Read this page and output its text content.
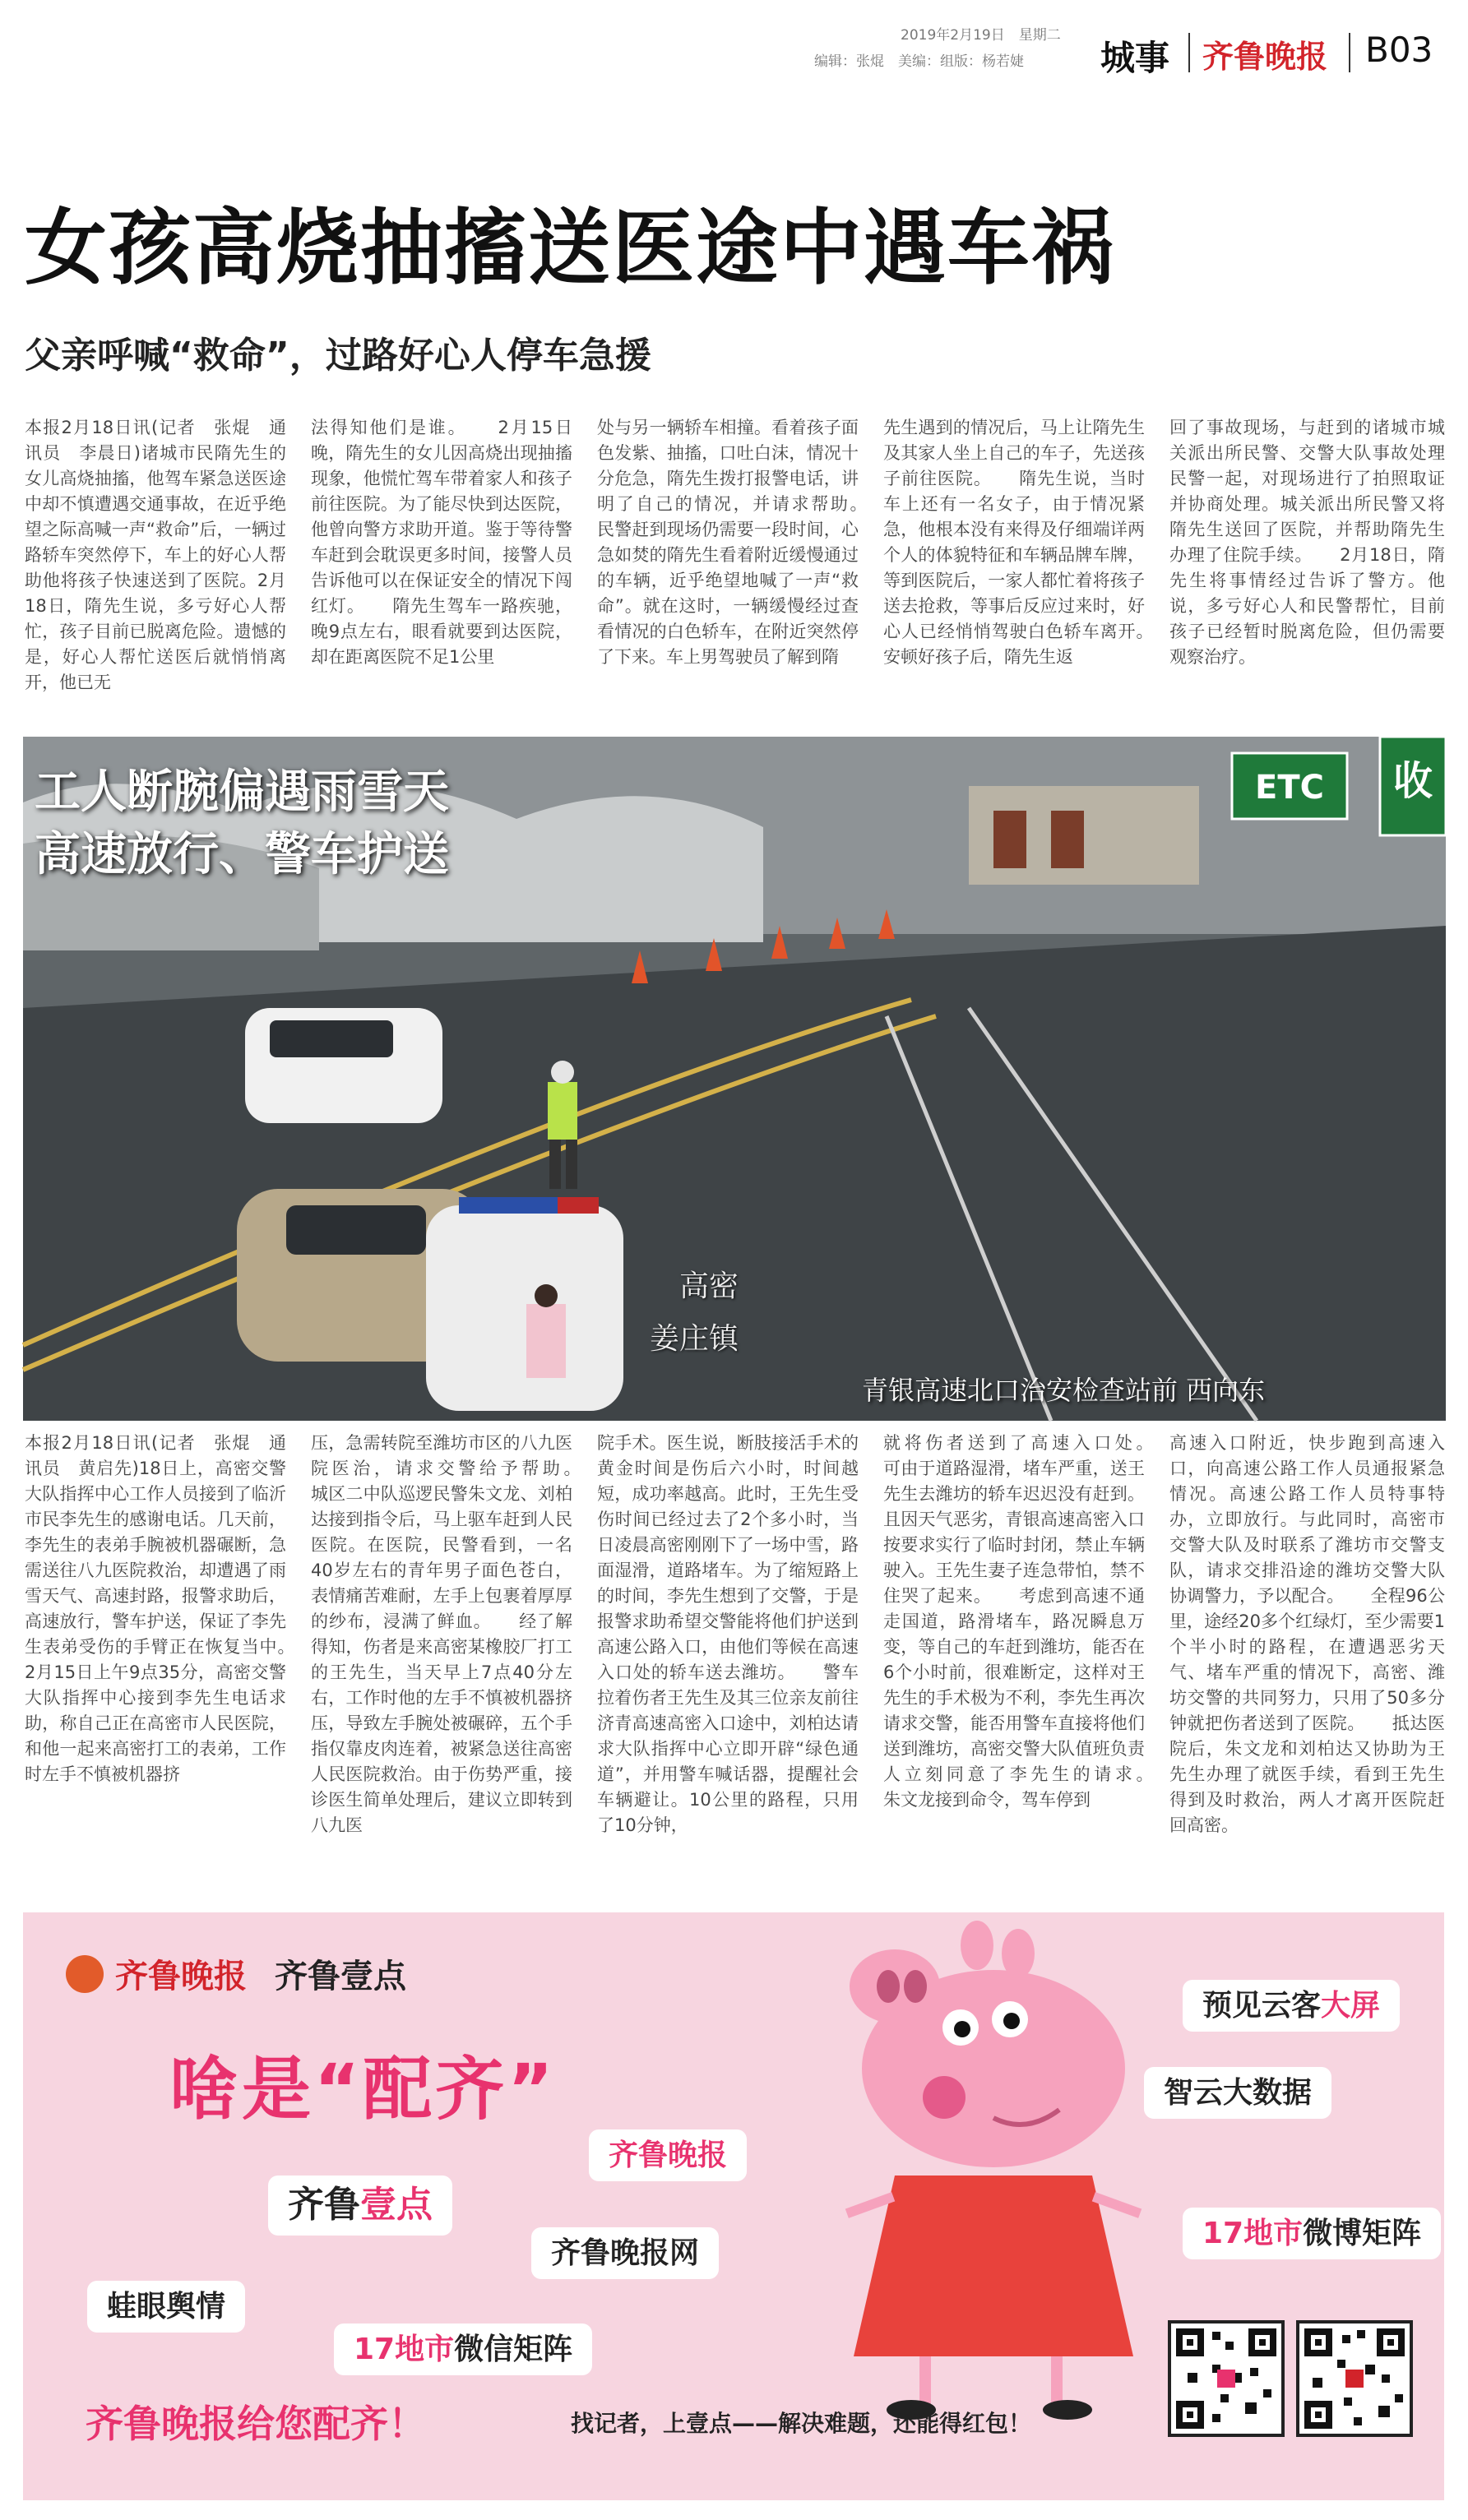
2019年2月19日　 星期二
编辑：张焜　美编：组版：杨若婕 城事 齐鲁晚报 B03
女孩高烧抽搐送医途中遇车祸
父亲呼喊“救命”，过路好心人停车急援
本报2月18日讯(记者　张焜　通讯员　李晨日)诸城市民隋先生的女儿高烧抽搐，他驾车紧急送医途中却不慎遭遇交通事故，在近乎绝望之际高喊一声“救命”后，一辆过路轿车突然停下，车上的好心人帮助他将孩子快速送到了医院。2月18日，隋先生说，多亏好心人帮忙，孩子目前已脱离危险。遗憾的是，好心人帮忙送医后就悄悄离开，他已无
法得知他们是谁。　　2月15日晚，隋先生的女儿因高烧出现抽搐现象，他慌忙驾车带着家人和孩子前往医院。为了能尽快到达医院，他曾向警方求助开道。鉴于等待警车赶到会耽误更多时间，接警人员告诉他可以在保证安全的情况下闯红灯。　　隋先生驾车一路疾驰，晚9点左右，眼看就要到达医院，却在距离医院不足1公里
处与另一辆轿车相撞。看着孩子面色发紫、抽搐，口吐白沫，情况十分危急，隋先生拨打报警电话，讲明了自己的情况，并请求帮助。　　民警赶到现场仍需要一段时间，心急如焚的隋先生看着附近缓慢通过的车辆，近乎绝望地喊了一声“救命”。就在这时，一辆缓慢经过查看情况的白色轿车，在附近突然停了下来。车上男驾驶员了解到隋
先生遇到的情况后，马上让隋先生及其家人坐上自己的车子，先送孩子前往医院。　　隋先生说，当时车上还有一名女子，由于情况紧急，他根本没有来得及仔细端详两个人的体貌特征和车辆品牌车牌，等到医院后，一家人都忙着将孩子送去抢救，等事后反应过来时，好心人已经悄悄驾驶白色轿车离开。　　安顿好孩子后，隋先生返
回了事故现场，与赶到的诸城市城关派出所民警、交警大队事故处理民警一起，对现场进行了拍照取证并协商处理。城关派出所民警又将隋先生送回了医院，并帮助隋先生办理了住院手续。　　2月18日，隋先生将事情经过告诉了警方。他说，多亏好心人和民警帮忙，目前孩子已经暂时脱离危险，但仍需要观察治疗。
ETC 收
工人断腕偏遇雨雪天
高速放行、警车护送
高密
姜庄镇
青银高速北口治安检查站前 西向东
本报2月18日讯(记者　张焜　通讯员　黄启先)18日上，高密交警大队指挥中心工作人员接到了临沂市民李先生的感谢电话。几天前，李先生的表弟手腕被机器碾断，急需送往八九医院救治，却遭遇了雨雪天气、高速封路，报警求助后，高速放行，警车护送，保证了李先生表弟受伤的手臂正在恢复当中。　　2月15日上午9点35分，高密交警大队指挥中心接到李先生电话求助，称自己正在高密市人民医院，和他一起来高密打工的表弟，工作时左手不慎被机器挤
压，急需转院至潍坊市区的八九医院医治，请求交警给予帮助。　　城区二中队巡逻民警朱文龙、刘柏达接到指令后，马上驱车赶到人民医院。在医院，民警看到，一名40岁左右的青年男子面色苍白，表情痛苦难耐，左手上包裹着厚厚的纱布，浸满了鲜血。　　经了解得知，伤者是来高密某橡胶厂打工的王先生，当天早上7点40分左右，工作时他的左手不慎被机器挤压，导致左手腕处被碾碎，五个手指仅靠皮肉连着，被紧急送往高密人民医院救治。由于伤势严重，接诊医生简单处理后，建议立即转到八九医
院手术。医生说，断肢接活手术的黄金时间是伤后六小时，时间越短，成功率越高。此时，王先生受伤时间已经过去了2个多小时，当日凌晨高密刚刚下了一场中雪，路面湿滑，道路堵车。为了缩短路上的时间，李先生想到了交警，于是报警求助希望交警能将他们护送到高速公路入口，由他们等候在高速入口处的轿车送去潍坊。　　警车拉着伤者王先生及其三位亲友前往济青高速高密入口途中，刘柏达请求大队指挥中心立即开辟“绿色通道”，并用警车喊话器，提醒社会车辆避让。10公里的路程，只用了10分钟，
就将伤者送到了高速入口处。　　可由于道路湿滑，堵车严重，送王先生去潍坊的轿车迟迟没有赶到。且因天气恶劣，青银高速高密入口按要求实行了临时封闭，禁止车辆驶入。王先生妻子连急带怕，禁不住哭了起来。　　考虑到高速不通走国道，路滑堵车，路况瞬息万变，等自己的车赶到潍坊，能否在6个小时前，很难断定，这样对王先生的手术极为不利，李先生再次请求交警，能否用警车直接将他们送到潍坊，高密交警大队值班负责人立刻同意了李先生的请求。　　朱文龙接到命令，驾车停到
高速入口附近，快步跑到高速入口，向高速公路工作人员通报紧急情况。高速公路工作人员特事特办，立即放行。与此同时，高密市交警大队及时联系了潍坊市交警支队，请求交排沿途的潍坊交警大队协调警力，予以配合。　　全程96公里，途经20多个红绿灯，至少需要1个半小时的路程，在遭遇恶劣天气、堵车严重的情况下，高密、潍坊交警的共同努力，只用了50多分钟就把伤者送到了医院。　　抵达医院后，朱文龙和刘柏达又协助为王先生办理了就医手续，看到王先生得到及时救治，两人才离开医院赶回高密。
齐鲁晚报 齐鲁壹点
啥是“配齐”
预见云客大屏
智云大数据
齐鲁晚报
齐鲁壹点
齐鲁晚报网
17地市微博矩阵
蛙眼舆情
17地市微信矩阵
齐鲁晚报给您配齐！	找记者，上壹点——解决难题，还能得红包！
